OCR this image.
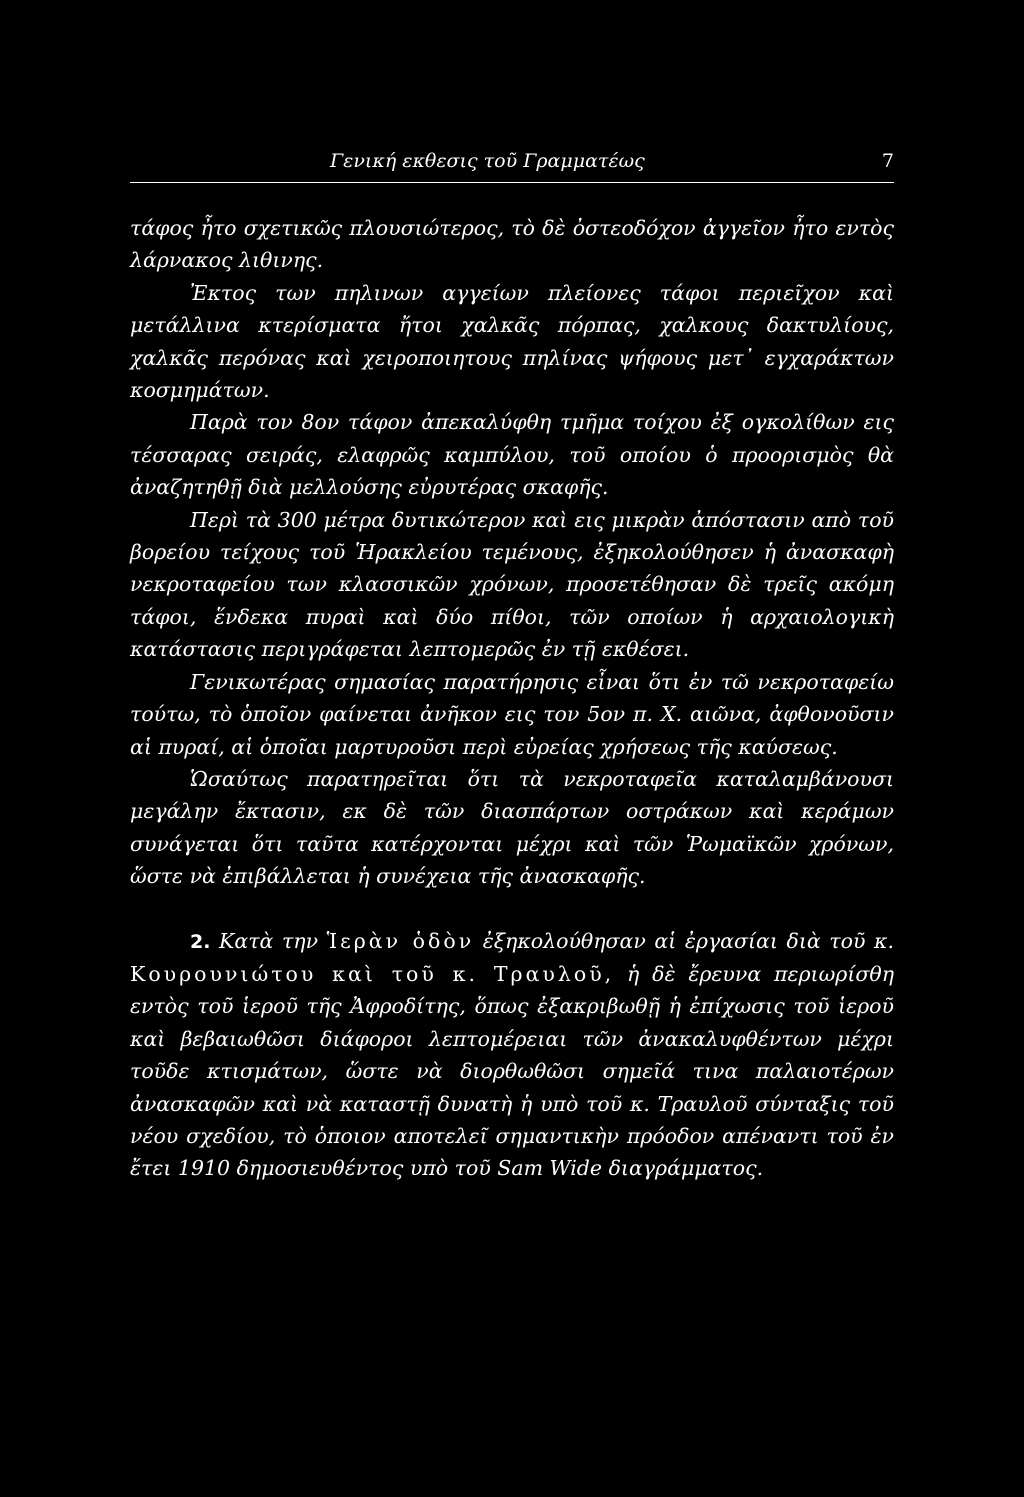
Γενική εκθεσις τοῦ Γραμματέως	7

τάφος ἦτο σχετικῶς πλουσιώτερος, τὸ δὲ ὀστεοδόχον ἀγγεῖον ἦτο εντὸς λάρνακος λιθινης.

Ἐκτος των πηλινων αγγείων πλείονες τάφοι περιεῖχον καὶ μετάλλινα κτερίσματα ἤτοι χαλκᾶς πόρπας, χαλκους δακτυλίους, χαλκᾶς περόνας καὶ χειροποιητους πηλίνας ψήφους μετ᾽ εγχαράκτων κοσμημάτων.

Παρὰ τον 8ον τάφον ἀπεκαλύφθη τμῆμα τοίχου ἐξ ογκολίθων εις τέσσαρας σειράς, ελαφρῶς καμπύλου, τοῦ οποίου ὁ προορισμὸς θὰ ἀναζητηθῇ διὰ μελλούσης εὐρυτέρας σκαφῆς.

Περὶ τὰ 300 μέτρα δυτικώτερον καὶ εις μικρὰν ἀπόστασιν απὸ τοῦ βορείου τείχους τοῦ Ἡρακλείου τεμένους, ἐξηκολούθησεν ἡ ἀνασκαφὴ νεκροταφείου των κλασσικῶν χρόνων, προσετέθησαν δὲ τρεῖς ακόμη τάφοι, ἕνδεκα πυραὶ καὶ δύο πίθοι, τῶν οποίων ἡ αρχαιολογικὴ κατάστασις περιγράφεται λεπτομερῶς ἐν τῇ εκθέσει.

Γενικωτέρας σημασίας παρατήρησις εἶναι ὅτι ἐν τῶ νεκροταφείω τούτω, τὸ ὁποῖον φαίνεται ἀνῆκον εις τον 5ον π. Χ. αιῶνα, ἀφθονοῦσιν αἱ πυραί, αἱ ὁποῖαι μαρτυροῦσι περὶ εὐρείας χρήσεως τῆς καύσεως.

Ὡσαύτως παρατηρεῖται ὅτι τὰ νεκροταφεῖα καταλαμβάνουσι μεγάλην ἔκτασιν, εκ δὲ τῶν διασπάρτων οστράκων καὶ κεράμων συνάγεται ὅτι ταῦτα κατέρχονται μέχρι καὶ τῶν Ῥωμαϊκῶν χρόνων, ὥστε νὰ ἐπιβάλλεται ἡ συνέχεια τῆς ἀνασκαφῆς.

2. Κατὰ την Ἱερὰν ὁδὸν ἐξηκολούθησαν αἱ ἐργασίαι διὰ τοῦ κ. Κουρουνιώτου καὶ τοῦ κ. Τραυλοῦ, ἡ δὲ ἔρευνα περιωρίσθη εντὸς τοῦ ἱεροῦ τῆς Ἀφροδίτης, ὅπως ἐξακριβωθῇ ἡ ἐπίχωσις τοῦ ἱεροῦ καὶ βεβαιωθῶσι διάφοροι λεπτομέρειαι τῶν ἀνακαλυφθέντων μέχρι τοῦδε κτισμάτων, ὥστε νὰ διορθωθῶσι σημεῖά τινα παλαιοτέρων ἀνασκαφῶν καὶ νὰ καταστῇ δυνατὴ ἡ υπὸ τοῦ κ. Τραυλοῦ σύνταξις τοῦ νέου σχεδίου, τὸ ὁποιον αποτελεῖ σημαντικὴν πρόοδον απέναντι τοῦ ἐν ἔτει 1910 δημοσιευθέντος υπὸ τοῦ Sam Wide διαγράμματος.
